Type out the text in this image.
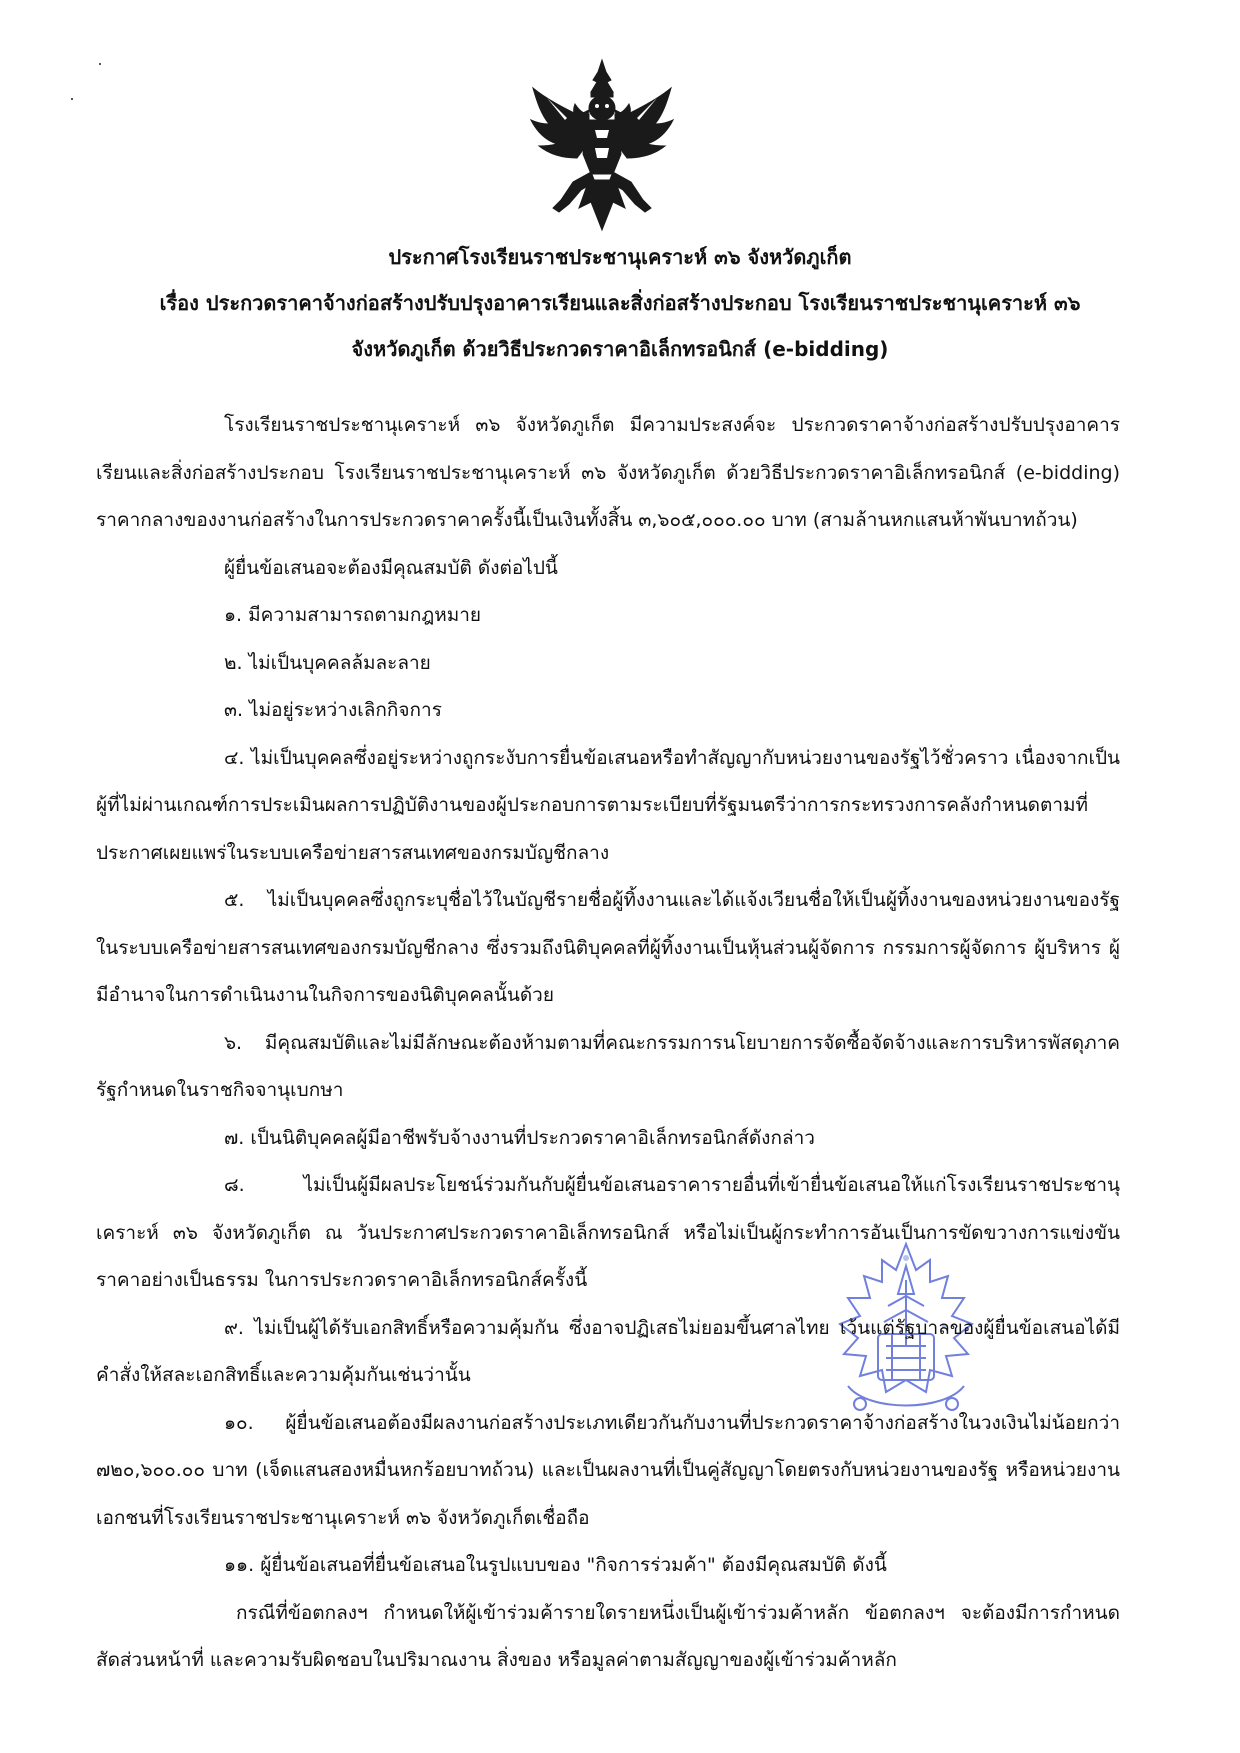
ประกาศโรงเรียนราชประชานุเคราะห์ ๓๖ จังหวัดภูเก็ต

เรื่อง ประกวดราคาจ้างก่อสร้างปรับปรุงอาคารเรียนและสิ่งก่อสร้างประกอบ โรงเรียนราชประชานุเคราะห์ ๓๖

จังหวัดภูเก็ต ด้วยวิธีประกวดราคาอิเล็กทรอนิกส์ (e-bidding)

โรงเรียนราชประชานุเคราะห์ ๓๖ จังหวัดภูเก็ต มีความประสงค์จะ ประกวดราคาจ้างก่อสร้างปรับปรุงอาคารเรียนและสิ่งก่อสร้างประกอบ โรงเรียนราชประชานุเคราะห์ ๓๖ จังหวัดภูเก็ต ด้วยวิธีประกวดราคาอิเล็กทรอนิกส์ (e-bidding) ราคากลางของงานก่อสร้างในการประกวดราคาครั้งนี้เป็นเงินทั้งสิ้น ๓,๖๐๕,๐๐๐.๐๐ บาท (สามล้านหกแสนห้าพันบาทถ้วน)

ผู้ยื่นข้อเสนอจะต้องมีคุณสมบัติ ดังต่อไปนี้

๑. มีความสามารถตามกฎหมาย

๒. ไม่เป็นบุคคลล้มละลาย

๓. ไม่อยู่ระหว่างเลิกกิจการ

๔. ไม่เป็นบุคคลซึ่งอยู่ระหว่างถูกระงับการยื่นข้อเสนอหรือทำสัญญากับหน่วยงานของรัฐไว้ชั่วคราว เนื่องจากเป็นผู้ที่ไม่ผ่านเกณฑ์การประเมินผลการปฏิบัติงานของผู้ประกอบการตามระเบียบที่รัฐมนตรีว่าการกระทรวงการคลังกำหนดตามที่ประกาศเผยแพร่ในระบบเครือข่ายสารสนเทศของกรมบัญชีกลาง

๕. ไม่เป็นบุคคลซึ่งถูกระบุชื่อไว้ในบัญชีรายชื่อผู้ทิ้งงานและได้แจ้งเวียนชื่อให้เป็นผู้ทิ้งงานของหน่วยงานของรัฐในระบบเครือข่ายสารสนเทศของกรมบัญชีกลาง ซึ่งรวมถึงนิติบุคคลที่ผู้ทิ้งงานเป็นหุ้นส่วนผู้จัดการ กรรมการผู้จัดการ ผู้บริหาร ผู้มีอำนาจในการดำเนินงานในกิจการของนิติบุคคลนั้นด้วย

๖. มีคุณสมบัติและไม่มีลักษณะต้องห้ามตามที่คณะกรรมการนโยบายการจัดซื้อจัดจ้างและการบริหารพัสดุภาครัฐกำหนดในราชกิจจานุเบกษา

๗. เป็นนิติบุคคลผู้มีอาชีพรับจ้างงานที่ประกวดราคาอิเล็กทรอนิกส์ดังกล่าว

๘. ไม่เป็นผู้มีผลประโยชน์ร่วมกันกับผู้ยื่นข้อเสนอราคารายอื่นที่เข้ายื่นข้อเสนอให้แก่โรงเรียนราชประชานุเคราะห์ ๓๖ จังหวัดภูเก็ต ณ วันประกาศประกวดราคาอิเล็กทรอนิกส์ หรือไม่เป็นผู้กระทำการอันเป็นการขัดขวางการแข่งขันราคาอย่างเป็นธรรม ในการประกวดราคาอิเล็กทรอนิกส์ครั้งนี้

๙. ไม่เป็นผู้ได้รับเอกสิทธิ์หรือความคุ้มกัน ซึ่งอาจปฏิเสธไม่ยอมขึ้นศาลไทย เว้นแต่รัฐบาลของผู้ยื่นข้อเสนอได้มีคำสั่งให้สละเอกสิทธิ์และความคุ้มกันเช่นว่านั้น

๑๐. ผู้ยื่นข้อเสนอต้องมีผลงานก่อสร้างประเภทเดียวกันกับงานที่ประกวดราคาจ้างก่อสร้างในวงเงินไม่น้อยกว่า ๗๒๐,๖๐๐.๐๐ บาท (เจ็ดแสนสองหมื่นหกร้อยบาทถ้วน) และเป็นผลงานที่เป็นคู่สัญญาโดยตรงกับหน่วยงานของรัฐ หรือหน่วยงานเอกชนที่โรงเรียนราชประชานุเคราะห์ ๓๖ จังหวัดภูเก็ตเชื่อถือ

๑๑. ผู้ยื่นข้อเสนอที่ยื่นข้อเสนอในรูปแบบของ "กิจการร่วมค้า" ต้องมีคุณสมบัติ ดังนี้

กรณีที่ข้อตกลงฯ กำหนดให้ผู้เข้าร่วมค้ารายใดรายหนึ่งเป็นผู้เข้าร่วมค้าหลัก ข้อตกลงฯ จะต้องมีการกำหนดสัดส่วนหน้าที่ และความรับผิดชอบในปริมาณงาน สิ่งของ หรือมูลค่าตามสัญญาของผู้เข้าร่วมค้าหลัก
